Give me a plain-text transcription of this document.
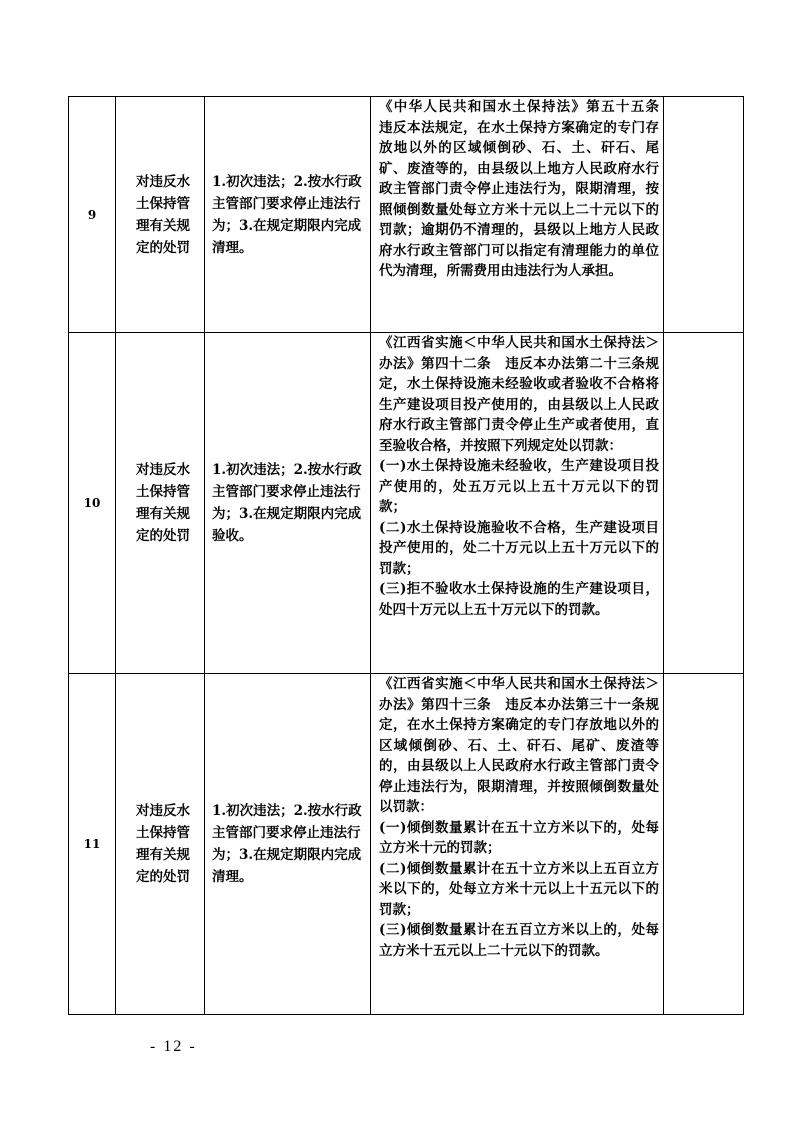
9	对违反水土保持管理有关规定的处罚	1.初次违法；2.按水行政主管部门要求停止违法行为；3.在规定期限内完成清理。	《中华人民共和国水土保持法》第五十五条　违反本法规定，在水土保持方案确定的专门存放地以外的区域倾倒砂、石、土、矸石、尾矿、废渣等的，由县级以上地方人民政府水行政主管部门责令停止违法行为，限期清理，按照倾倒数量处每立方米十元以上二十元以下的罚款；逾期仍不清理的，县级以上地方人民政府水行政主管部门可以指定有清理能力的单位代为清理，所需费用由违法行为人承担。	

10	对违反水土保持管理有关规定的处罚	1.初次违法；2.按水行政主管部门要求停止违法行为；3.在规定期限内完成验收。	《江西省实施＜中华人民共和国水土保持法＞办法》第四十二条　违反本办法第二十三条规定，水土保持设施未经验收或者验收不合格将生产建设项目投产使用的，由县级以上人民政府水行政主管部门责令停止生产或者使用，直至验收合格，并按照下列规定处以罚款：

(一)水土保持设施未经验收，生产建设项目投产使用的，处五万元以上五十万元以下的罚款；

(二)水土保持设施验收不合格，生产建设项目投产使用的，处二十万元以上五十万元以下的罚款；

(三)拒不验收水土保持设施的生产建设项目，处四十万元以上五十万元以下的罚款。	

11	对违反水土保持管理有关规定的处罚	1.初次违法；2.按水行政主管部门要求停止违法行为；3.在规定期限内完成清理。	《江西省实施＜中华人民共和国水土保持法＞办法》第四十三条　违反本办法第三十一条规定，在水土保持方案确定的专门存放地以外的区域倾倒砂、石、土、矸石、尾矿、废渣等的，由县级以上人民政府水行政主管部门责令停止违法行为，限期清理，并按照倾倒数量处以罚款：

(一)倾倒数量累计在五十立方米以下的，处每立方米十元的罚款；

(二)倾倒数量累计在五十立方米以上五百立方米以下的，处每立方米十元以上十五元以下的罚款；

(三)倾倒数量累计在五百立方米以上的，处每立方米十五元以上二十元以下的罚款。	

- 12 -
